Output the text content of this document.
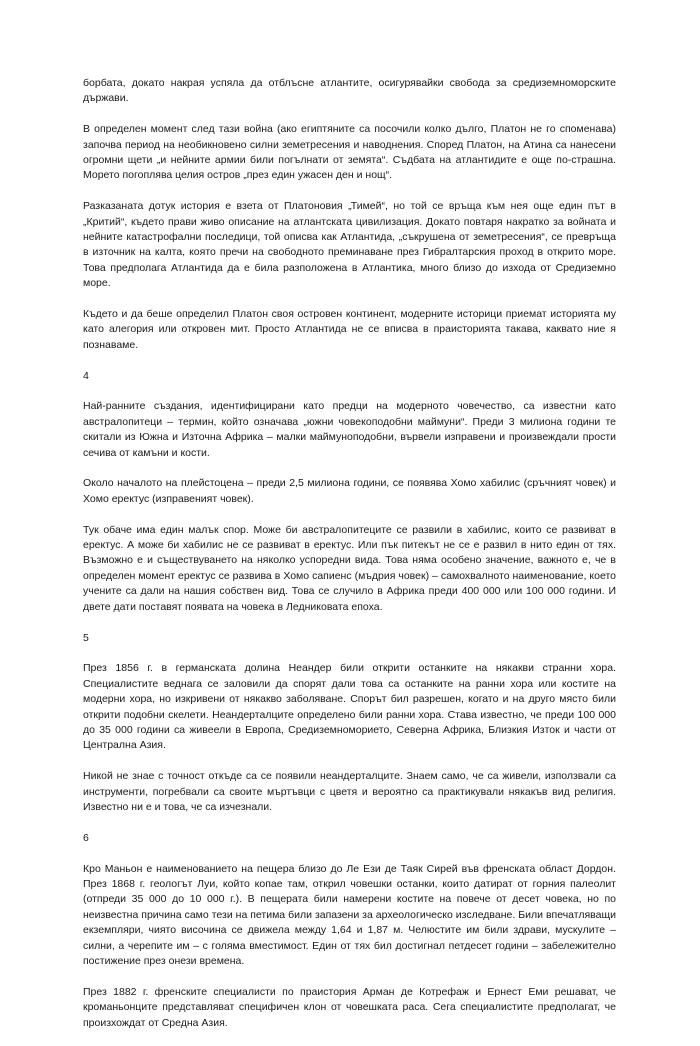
борбата, докато накрая успяла да отблъсне атлантите, осигурявайки свобода за средиземноморските държави.

В определен момент след тази война (ако египтяните са посочили колко дълго, Платон не го споменава) започва период на необикновено силни земетресения и наводнения. Според Платон, на Атина са нанесени огромни щети „и нейните армии били погълнати от земята“. Съдбата на атлантидите е още по-страшна. Морето погоплява целия остров „през един ужасен ден и нощ“.

Разказаната дотук история е взета от Платоновия „Тимей“, но той се връща към нея още един път в „Критий“, където прави живо описание на атлантската цивилизация. Докато повтаря накратко за войната и нейните катастрофални последици, той описва как Атлантида, „съкрушена от земетресения“, се превръща в източник на калта, която пречи на свободното преминаване през Гибралтарския проход в открито море. Това предполага Атлантида да е била разположена в Атлантика, много близо до изхода от Средиземно море.

Където и да беше определил Платон своя островен континент, модерните историци приемат историята му като алегория или откровен мит. Просто Атлантида не се вписва в праисторията такава, каквато ние я познаваме.

4

Най-ранните създания, идентифицирани като предци на модерното човечество, са известни като австралопитеци – термин, който означава „южни човекоподобни маймуни“. Преди 3 милиона години те скитали из Южна и Източна Африка – малки маймуноподобни, вървели изправени и произвеждали прости сечива от камъни и кости.

Около началото на плейстоцена – преди 2,5 милиона години, се появява Хомо хабилис (сръчният човек) и Хомо еректус (изправеният човек).

Тук обаче има един малък спор. Може би австралопитеците се развили в хабилис, които се развиват в еректус. А може би хабилис не се развиват в еректус. Или пък питекът не се е развил в нито един от тях. Възможно е и съществуването на няколко успоредни вида. Това няма особено значение, важното е, че в определен момент еректус се развива в Хомо сапиенс (мъдрия човек) – самохвалното наименование, което учените са дали на нашия собствен вид. Това се случило в Африка преди 400 000 или 100 000 години. И двете дати поставят появата на човека в Ледниковата епоха.

5

През 1856 г. в германската долина Неандер били открити останките на някакви странни хора. Специалистите веднага се заловили да спорят дали това са останките на ранни хора или костите на модерни хора, но изкривени от някакво заболяване. Спорът бил разрешен, когато и на друго място били открити подобни скелети. Неандерталците определено били ранни хора. Става известно, че преди 100 000 до 35 000 години са живеели в Европа, Средиземноморието, Северна Африка, Близкия Изток и части от Централна Азия.

Никой не знае с точност откъде са се появили неандерталците. Знаем само, че са живели, използвали са инструменти, погребвали са своите мъртъвци с цветя и вероятно са практикували някакъв вид религия. Известно ни е и това, че са изчезнали.

6

Кро Маньон е наименованието на пещера близо до Ле Ези де Таяк Сирей във френската област Дордон. През 1868 г. геологът Луи, който копае там, открил човешки останки, които датират от горния палеолит (отпреди 35 000 до 10 000 г.). В пещерата били намерени костите на повече от десет човека, но по неизвестна причина само тези на петима били запазени за археологическо изследване. Били впечатляващи екземпляри, чиято височина се движела между 1,64 и 1,87 м. Челюстите им били здрави, мускулите – силни, а черепите им – с голяма вместимост. Един от тях бил достигнал петдесет години – забележително постижение през онези времена.

През 1882 г. френските специалисти по праистория Арман де Котрефаж и Ернест Еми решават, че кроманьонците представляват специфичен клон от човешката раса. Сега специалистите предполагат, че произхождат от Средна Азия.
